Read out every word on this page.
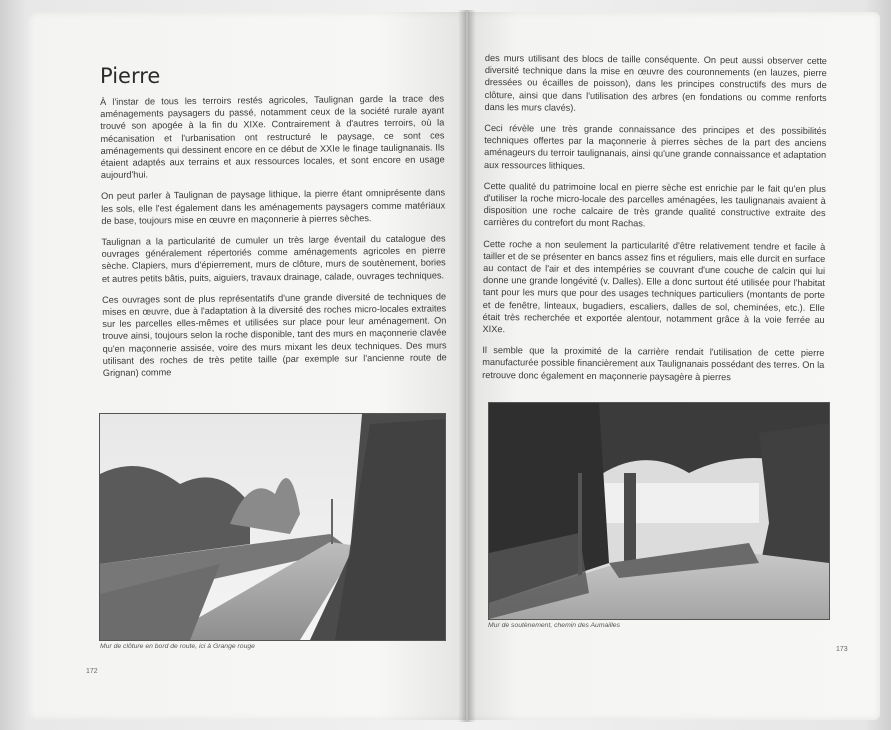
Pierre

À l'instar de tous les terroirs restés agricoles, Taulignan garde la trace des aménagements paysagers du passé, notamment ceux de la société rurale ayant trouvé son apogée à la fin du XIXe. Contrairement à d'autres terroirs, où la mécanisation et l'urbanisation ont restructuré le paysage, ce sont ces aménagements qui dessinent encore en ce début de XXIe le finage taulignanais. Ils étaient adaptés aux terrains et aux ressources locales, et sont encore en usage aujourd'hui.

On peut parler à Taulignan de paysage lithique, la pierre étant omniprésente dans les sols, elle l'est également dans les aménagements paysagers comme matériaux de base, toujours mise en œuvre en maçonnerie à pierres sèches.

Taulignan a la particularité de cumuler un très large éventail du catalogue des ouvrages généralement répertoriés comme aménagements agricoles en pierre sèche. Clapiers, murs d'épierrement, murs de clôture, murs de soutènement, bories et autres petits bâtis, puits, aiguiers, travaux drainage, calade, ouvrages techniques.

Ces ouvrages sont de plus représentatifs d'une grande diversité de techniques de mises en œuvre, due à l'adaptation à la diversité des roches micro-locales extraites sur les parcelles elles-mêmes et utilisées sur place pour leur aménagement. On trouve ainsi, toujours selon la roche disponible, tant des murs en maçonnerie clavée qu'en maçonnerie assisée, voire des murs mixant les deux techniques. Des murs utilisant des roches de très petite taille (par exemple sur l'ancienne route de Grignan) comme

Mur de clôture en bord de route, ici à Grange rouge
172

des murs utilisant des blocs de taille conséquente. On peut aussi observer cette diversité technique dans la mise en œuvre des couronnements (en lauzes, pierre dressées ou écailles de poisson), dans les principes constructifs des murs de clôture, ainsi que dans l'utilisation des arbres (en fondations ou comme renforts dans les murs clavés).

Ceci révèle une très grande connaissance des principes et des possibilités techniques offertes par la maçonnerie à pierres sèches de la part des anciens aménageurs du terroir taulignanais, ainsi qu'une grande connaissance et adaptation aux ressources lithiques.

Cette qualité du patrimoine local en pierre sèche est enrichie par le fait qu'en plus d'utiliser la roche micro-locale des parcelles aménagées, les taulignanais avaient à disposition une roche calcaire de très grande qualité constructive extraite des carrières du contrefort du mont Rachas.

Cette roche a non seulement la particularité d'être relativement tendre et facile à tailler et de se présenter en bancs assez fins et réguliers, mais elle durcit en surface au contact de l'air et des intempéries se couvrant d'une couche de calcin qui lui donne une grande longévité (v. Dalles). Elle a donc surtout été utilisée pour l'habitat tant pour les murs que pour des usages techniques particuliers (montants de porte et de fenêtre, linteaux, bugadiers, escaliers, dalles de sol, cheminées, etc.). Elle était très recherchée et exportée alentour, notamment grâce à la voie ferrée au XIXe.

Il semble que la proximité de la carrière rendait l'utilisation de cette pierre manufacturée possible financièrement aux Taulignanais possédant des terres. On la retrouve donc également en maçonnerie paysagère à pierres

Mur de soutènement, chemin des Aumailles
173
